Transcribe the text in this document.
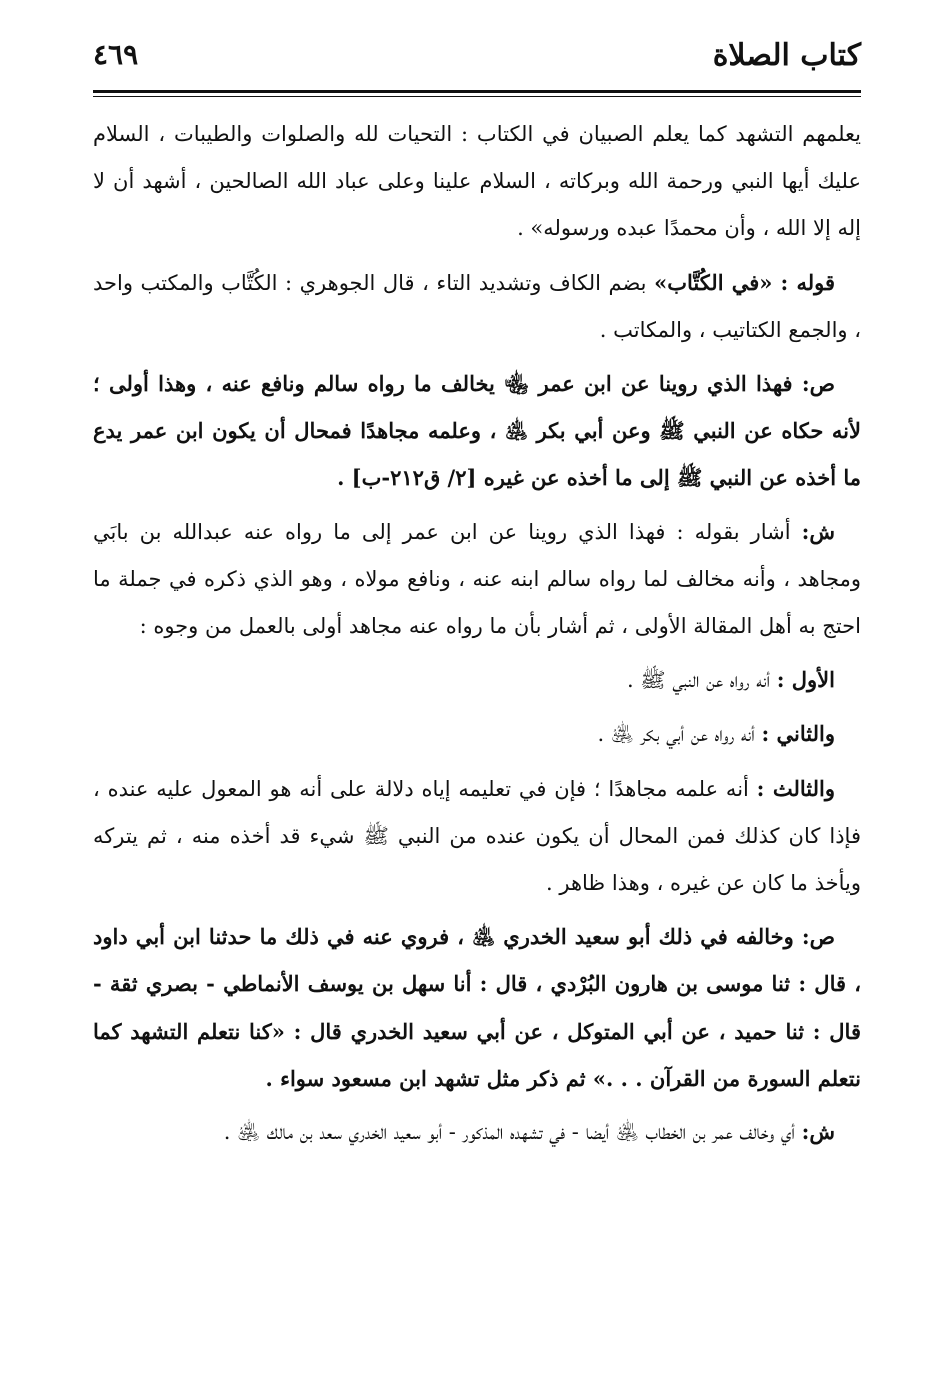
كتاب الصلاة
٤٦٩

يعلمهم التشهد كما يعلم الصبيان في الكتاب : التحيات لله والصلوات والطيبات ، السلام عليك أيها النبي ورحمة الله وبركاته ، السلام علينا وعلى عباد الله الصالحين ، أشهد أن لا إله إلا الله ، وأن محمدًا عبده ورسوله» .

قوله : «في الكُتَّاب» بضم الكاف وتشديد التاء ، قال الجوهري : الكُتَّاب والمكتب واحد ، والجمع الكتاتيب ، والمكاتب .

ص: فهذا الذي روينا عن ابن عمر ﵄ يخالف ما رواه سالم ونافع عنه ، وهذا أولى ؛ لأنه حكاه عن النبي ﷺ وعن أبي بكر ﵁ ، وعلمه مجاهدًا فمحال أن يكون ابن عمر يدع ما أخذه عن النبي ﷺ إلى ما أخذه عن غيره [٢/ ق٢١٢-ب] .

ش: أشار بقوله : فهذا الذي روينا عن ابن عمر إلى ما رواه عنه عبدالله بن بابَي ومجاهد ، وأنه مخالف لما رواه سالم ابنه عنه ، ونافع مولاه ، وهو الذي ذكره في جملة ما احتج به أهل المقالة الأولى ، ثم أشار بأن ما رواه عنه مجاهد أولى بالعمل من وجوه :

الأول : أنه رواه عن النبي ﷺ .

والثاني : أنه رواه عن أبي بكر ﵁ .

والثالث : أنه علمه مجاهدًا ؛ فإن في تعليمه إياه دلالة على أنه هو المعول عليه عنده ، فإذا كان كذلك فمن المحال أن يكون عنده من النبي ﷺ شيء قد أخذه منه ، ثم يتركه ويأخذ ما كان عن غيره ، وهذا ظاهر .

ص: وخالفه في ذلك أبو سعيد الخدري ﵁ ، فروي عنه في ذلك ما حدثنا ابن أبي داود ، قال : ثنا موسى بن هارون البُرْدي ، قال : أنا سهل بن يوسف الأنماطي - بصري ثقة - قال : ثنا حميد ، عن أبي المتوكل ، عن أبي سعيد الخدري قال : «كنا نتعلم التشهد كما نتعلم السورة من القرآن . . .» ثم ذكر مثل تشهد ابن مسعود سواء .

ش: أي وخالف عمر بن الخطاب ﵁ أيضا - في تشهده المذكور - أبو سعيد الخدري سعد بن مالك ﵁ .
